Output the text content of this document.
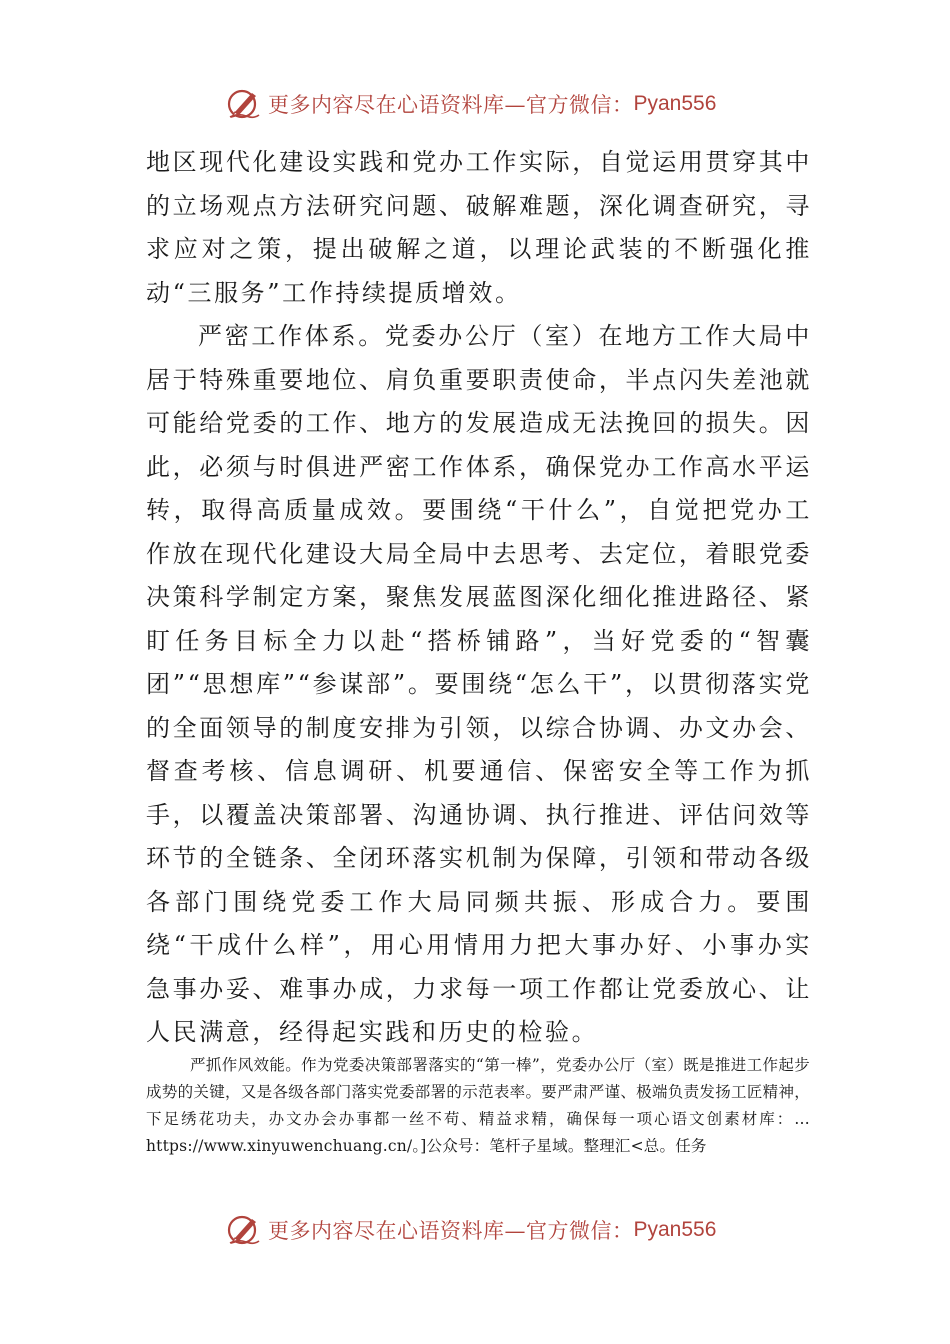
更多内容尽在心语资料库—官方微信： Pyan556

地区现代化建设实践和党办工作实际，自觉运用贯穿其中的立场观点方法研究问题、破解难题，深化调查研究，寻求应对之策，提出破解之道，以理论武装的不断强化推动“三服务”工作持续提质增效。

严密工作体系。党委办公厅（室）在地方工作大局中居于特殊重要地位、肩负重要职责使命，半点闪失差池就可能给党委的工作、地方的发展造成无法挽回的损失。因此，必须与时俱进严密工作体系，确保党办工作高水平运转，取得高质量成效。要围绕“干什么”，自觉把党办工作放在现代化建设大局全局中去思考、去定位，着眼党委决策科学制定方案，聚焦发展蓝图深化细化推进路径、紧盯任务目标全力以赴“搭桥铺路”，当好党委的“智囊团”“思想库”“参谋部”。要围绕“怎么干”，以贯彻落实党的全面领导的制度安排为引领，以综合协调、办文办会、督查考核、信息调研、机要通信、保密安全等工作为抓手，以覆盖决策部署、沟通协调、执行推进、评估问效等环节的全链条、全闭环落实机制为保障，引领和带动各级各部门围绕党委工作大局同频共振、形成合力。要围绕“干成什么样”，用心用情用力把大事办好、小事办实急事办妥、难事办成，力求每一项工作都让党委放心、让人民满意，经得起实践和历史的检验。

严抓作风效能。作为党委决策部署落实的“第一棒”，党委办公厅（室）既是推进工作起步成势的关键，又是各级各部门落实党委部署的示范表率。要严肃严谨、极端负责发扬工匠精神，下足绣花功夫，办文办会办事都一丝不苟、精益求精，确保每一项心语文创素材库：…https://www.xinyuwenchuang.cn/。]公众号：笔杆子星域。整理汇<总。任务

更多内容尽在心语资料库—官方微信： Pyan556
